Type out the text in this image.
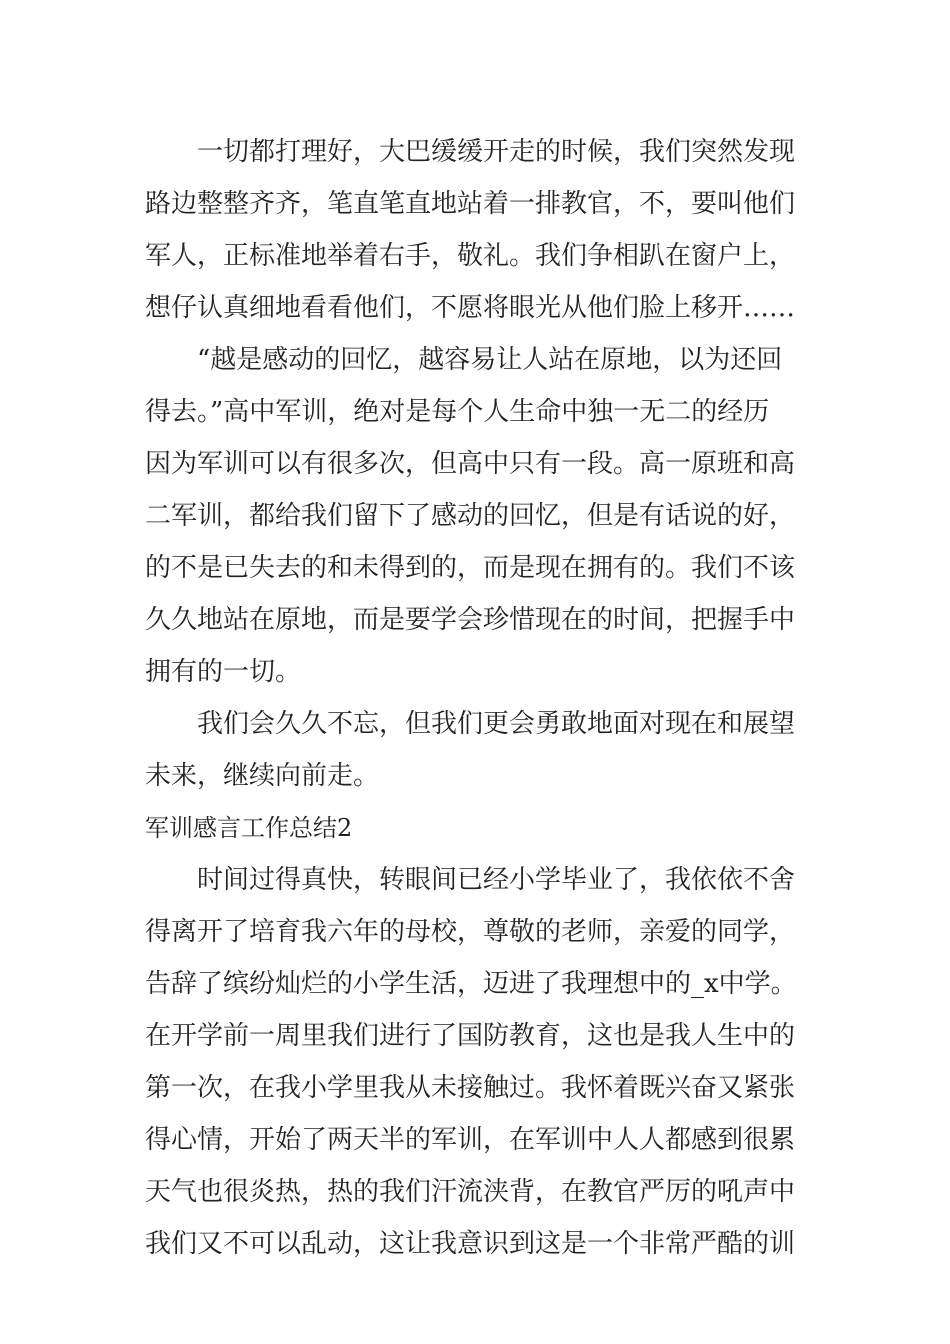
一切都打理好，大巴缓缓开走的时候，我们突然发现
路边整整齐齐，笔直笔直地站着一排教官，不，要叫他们
军人，正标准地举着右手，敬礼。我们争相趴在窗户上，
想仔认真细地看看他们，不愿将眼光从他们脸上移开……
“越是感动的回忆，越容易让人站在原地，以为还回
得去。”高中军训，绝对是每个人生命中独一无二的经历
因为军训可以有很多次，但高中只有一段。高一原班和高
二军训，都给我们留下了感动的回忆，但是有话说的好，
的不是已失去的和未得到的，而是现在拥有的。我们不该
久久地站在原地，而是要学会珍惜现在的时间，把握手中
拥有的一切。
我们会久久不忘，但我们更会勇敢地面对现在和展望
未来，继续向前走。
军训感言工作总结2
时间过得真快，转眼间已经小学毕业了，我依依不舍
得离开了培育我六年的母校，尊敬的老师，亲爱的同学，
告辞了缤纷灿烂的小学生活，迈进了我理想中的_x中学。
在开学前一周里我们进行了国防教育，这也是我人生中的
第一次，在我小学里我从未接触过。我怀着既兴奋又紧张
得心情，开始了两天半的军训，在军训中人人都感到很累
天气也很炎热，热的我们汗流浃背，在教官严厉的吼声中
我们又不可以乱动，这让我意识到这是一个非常严酷的训
